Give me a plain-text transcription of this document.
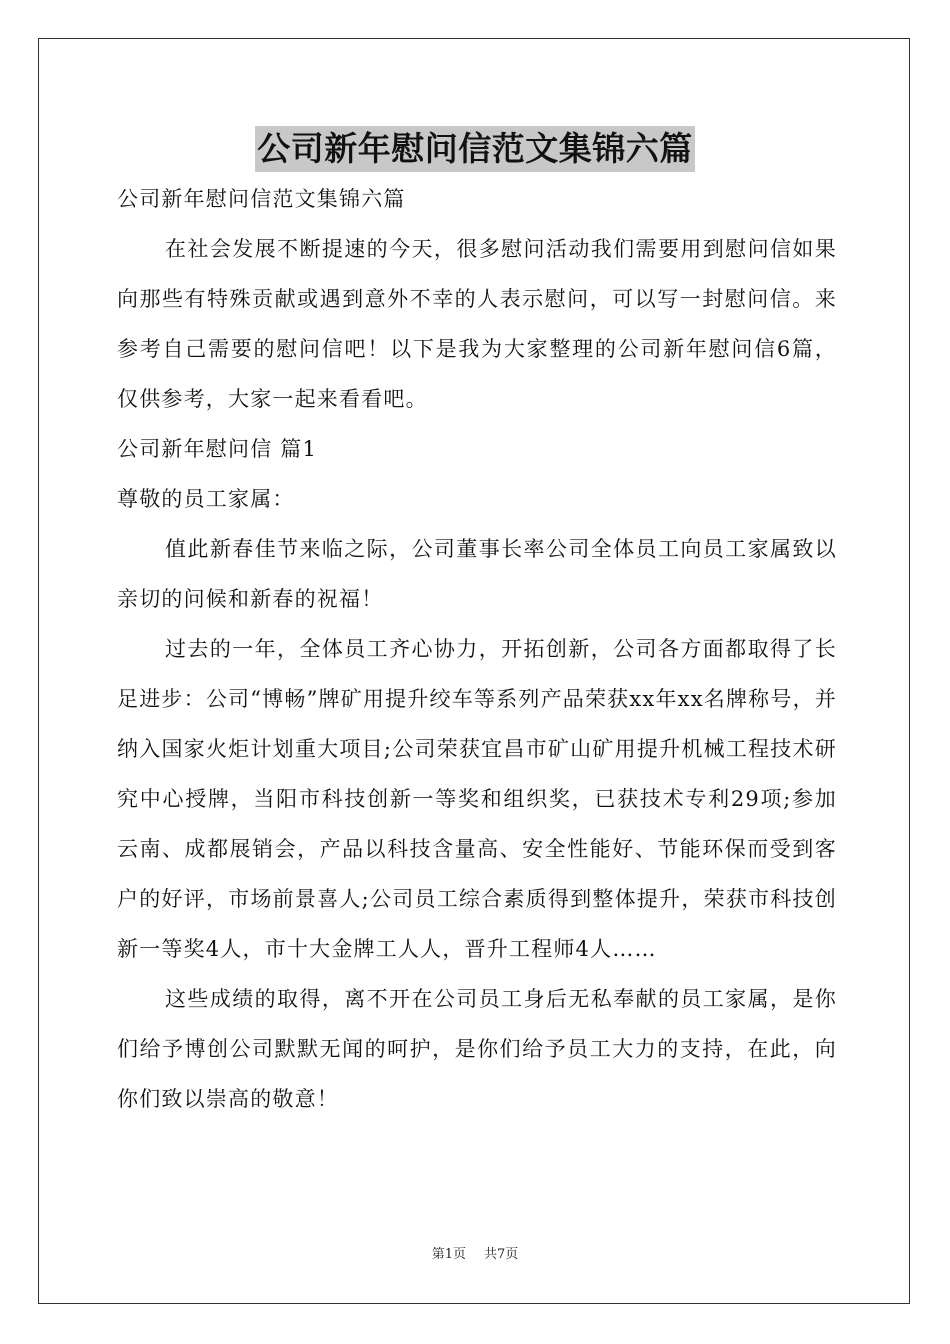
公司新年慰问信范文集锦六篇

公司新年慰问信范文集锦六篇

在社会发展不断提速的今天，很多慰问活动我们需要用到慰问信如果向那些有特殊贡献或遇到意外不幸的人表示慰问，可以写一封慰问信。来参考自己需要的慰问信吧！以下是我为大家整理的公司新年慰问信6篇，仅供参考，大家一起来看看吧。

公司新年慰问信 篇1

尊敬的员工家属：

值此新春佳节来临之际，公司董事长率公司全体员工向员工家属致以亲切的问候和新春的祝福！

过去的一年，全体员工齐心协力，开拓创新，公司各方面都取得了长足进步：公司“博畅”牌矿用提升绞车等系列产品荣获xx年xx名牌称号，并纳入国家火炬计划重大项目;公司荣获宜昌市矿山矿用提升机械工程技术研究中心授牌，当阳市科技创新一等奖和组织奖，已获技术专利29项;参加云南、成都展销会，产品以科技含量高、安全性能好、节能环保而受到客户的好评，市场前景喜人;公司员工综合素质得到整体提升，荣获市科技创新一等奖4人，市十大金牌工人人，晋升工程师4人……

这些成绩的取得，离不开在公司员工身后无私奉献的员工家属，是你们给予博创公司默默无闻的呵护，是你们给予员工大力的支持，在此，向你们致以崇高的敬意！

第1页 共7页
